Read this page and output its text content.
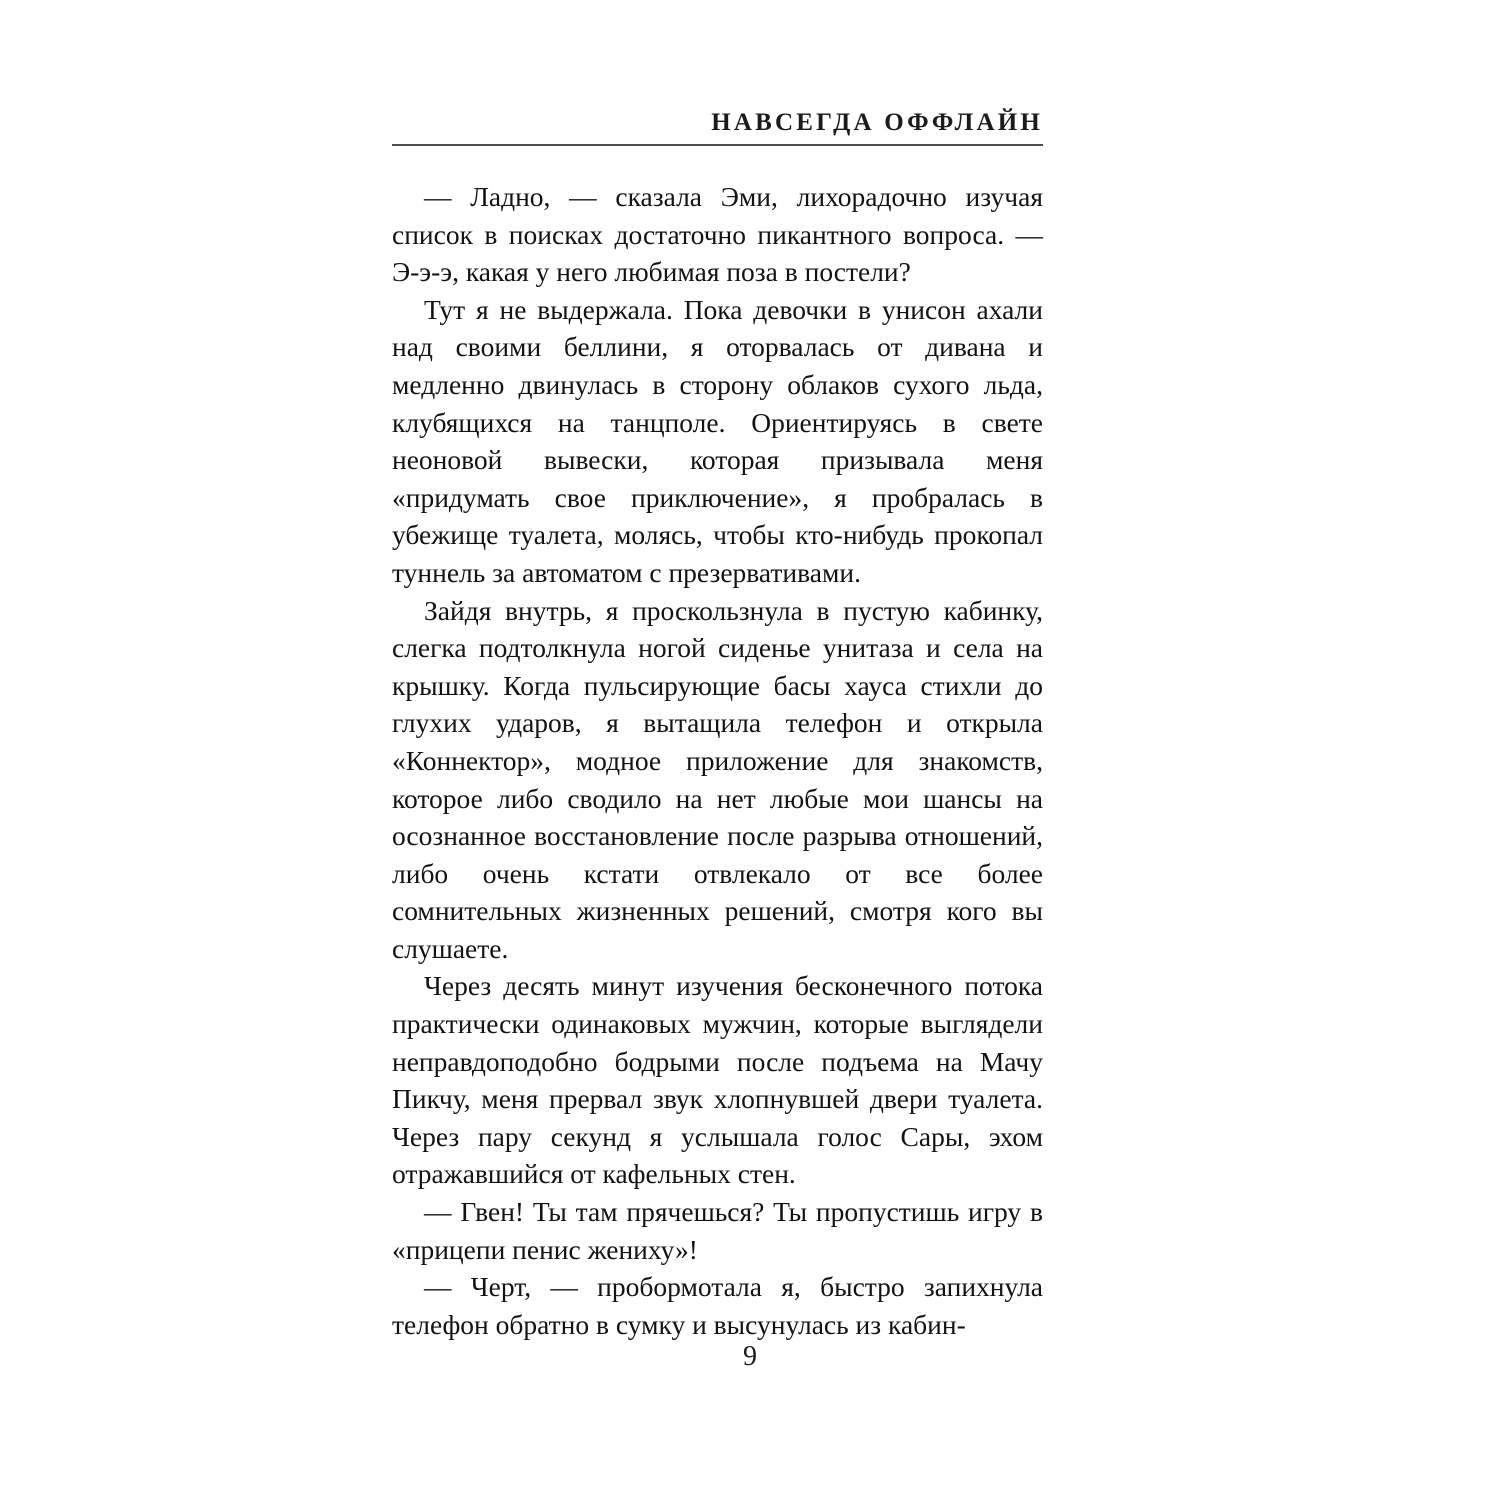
НАВСЕГДА ОФФЛАЙН

— Ладно, — сказала Эми, лихорадочно изучая список в поисках достаточно пикантного вопроса. — Э-э-э, какая у него любимая поза в постели?

Тут я не выдержала. Пока девочки в унисон ахали над своими беллини, я оторвалась от дивана и медленно двинулась в сторону облаков сухого льда, клубящихся на танцполе. Ориентируясь в свете неоновой вывески, которая призывала меня «придумать свое приключение», я пробралась в убежище туалета, молясь, чтобы кто-нибудь прокопал туннель за автоматом с презервативами.

Зайдя внутрь, я проскользнула в пустую кабинку, слегка подтолкнула ногой сиденье унитаза и села на крышку. Когда пульсирующие басы хауса стихли до глухих ударов, я вытащила телефон и открыла «Коннектор», модное приложение для знакомств, которое либо сводило на нет любые мои шансы на осознанное восстановление после разрыва отношений, либо очень кстати отвлекало от все более сомнительных жизненных решений, смотря кого вы слушаете.

Через десять минут изучения бесконечного потока практически одинаковых мужчин, которые выглядели неправдоподобно бодрыми после подъема на Мачу Пикчу, меня прервал звук хлопнувшей двери туалета. Через пару секунд я услышала голос Сары, эхом отражавшийся от кафельных стен.

— Гвен! Ты там прячешься? Ты пропустишь игру в «прицепи пенис жениху»!

— Черт, — пробормотала я, быстро запихнула телефон обратно в сумку и высунулась из кабин-

9
